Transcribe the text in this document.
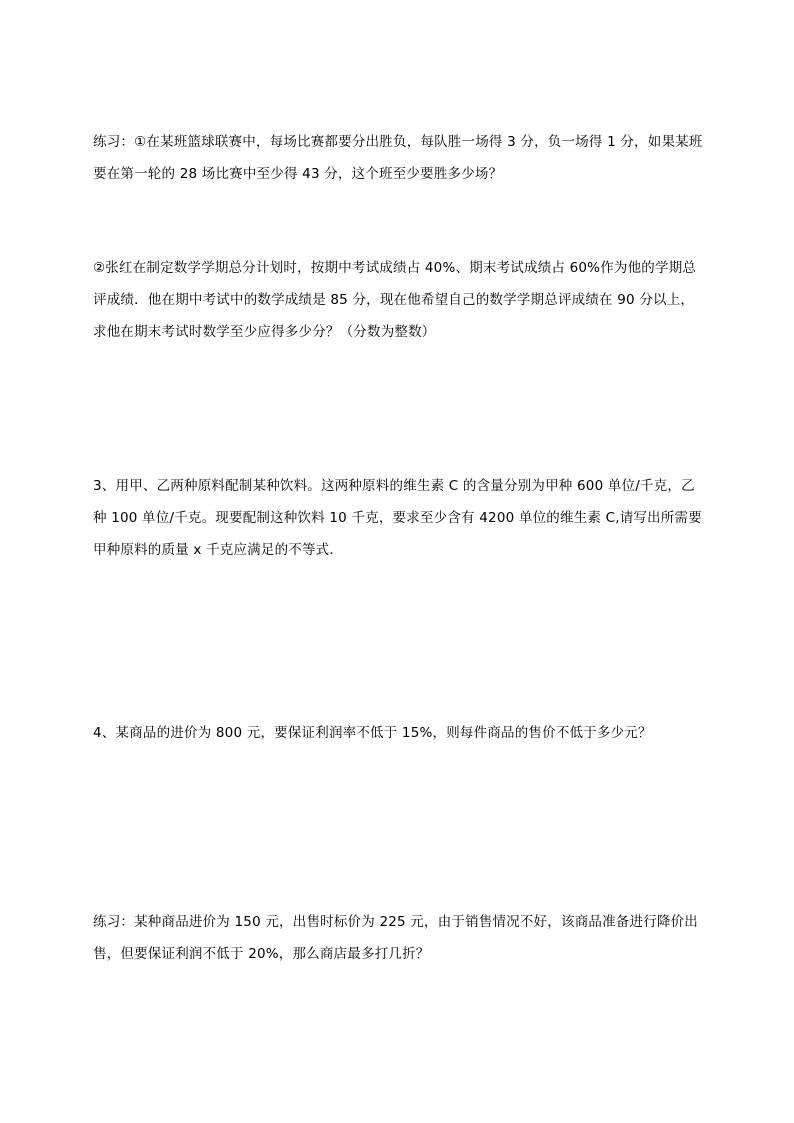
练习：①在某班篮球联赛中，每场比赛都要分出胜负，每队胜一场得 3 分，负一场得 1 分，如果某班要在第一轮的 28 场比赛中至少得 43 分，这个班至少要胜多少场？

②张红在制定数学学期总分计划时，按期中考试成绩占 40%、期末考试成绩占 60%作为他的学期总评成绩．他在期中考试中的数学成绩是 85 分，现在他希望自己的数学学期总评成绩在 90 分以上，求他在期末考试时数学至少应得多少分？（分数为整数）

3、用甲、乙两种原料配制某种饮料。这两种原料的维生素 C 的含量分别为甲种 600 单位/千克，乙种 100 单位/千克。现要配制这种饮料 10 千克，要求至少含有 4200 单位的维生素 C,请写出所需要甲种原料的质量 x 千克应满足的不等式.

4、某商品的进价为 800 元，要保证利润率不低于 15%，则每件商品的售价不低于多少元？

练习：某种商品进价为 150 元，出售时标价为 225 元，由于销售情况不好，该商品准备进行降价出售，但要保证利润不低于 20%，那么商店最多打几折？
